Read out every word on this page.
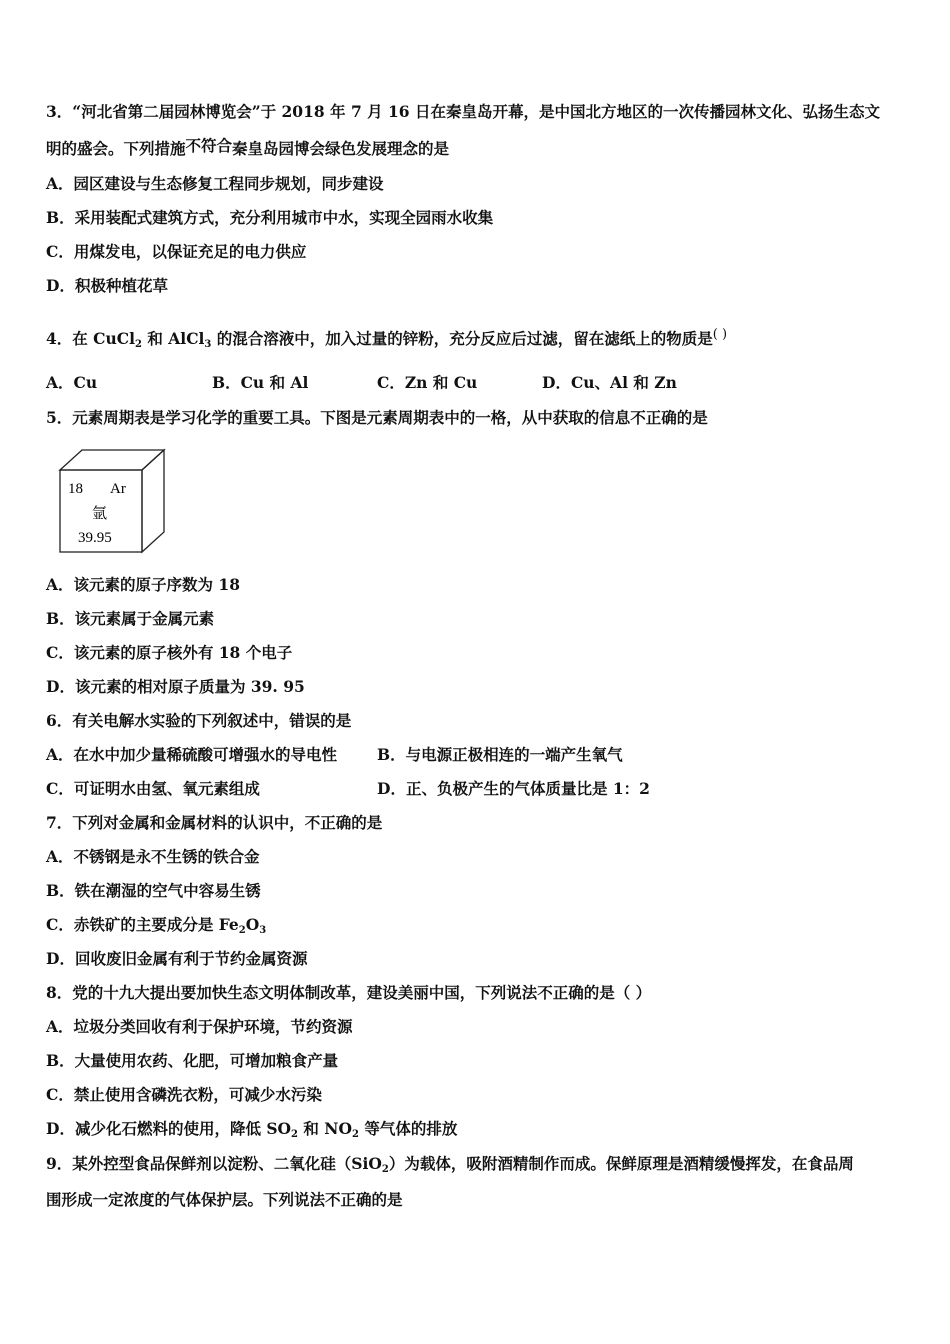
3．“河北省第二届园林博览会”于 2018 年 7 月 16 日在秦皇岛开幕，是中国北方地区的一次传播园林文化、弘扬生态文
明的盛会。下列措施不符合秦皇岛园博会绿色发展理念的是
A．园区建设与生态修复工程同步规划，同步建设
B．采用装配式建筑方式，充分利用城市中水，实现全园雨水收集
C．用煤发电，以保证充足的电力供应
D．积极种植花草
4．在 CuCl$_2$ 和 AlCl$_3$ 的混合溶液中，加入过量的锌粉，充分反应后过滤，留在滤纸上的物质是( )
A．Cu	B．Cu 和 Al	C．Zn 和 Cu	D．Cu、Al 和 Zn
5．元素周期表是学习化学的重要工具。下图是元素周期表中的一格，从中获取的信息不正确的是
18 Ar
氩
39.95
A．该元素的原子序数为 18
B．该元素属于金属元素
C．该元素的原子核外有 18 个电子
D．该元素的相对原子质量为 39. 95
6．有关电解水实验的下列叙述中，错误的是
A．在水中加少量稀硫酸可增强水的导电性	B．与电源正极相连的一端产生氧气
C．可证明水由氢、氧元素组成	D．正、负极产生的气体质量比是 1：2
7．下列对金属和金属材料的认识中，不正确的是
A．不锈钢是永不生锈的铁合金
B．铁在潮湿的空气中容易生锈
C．赤铁矿的主要成分是 $Fe_2O_3$
D．回收废旧金属有利于节约金属资源
8．党的十九大提出要加快生态文明体制改革，建设美丽中国，下列说法不正确的是（ ）
A．垃圾分类回收有利于保护环境，节约资源
B．大量使用农药、化肥，可增加粮食产量
C．禁止使用含磷洗衣粉，可减少水污染
D．减少化石燃料的使用，降低 $SO_2$ 和 $NO_2$ 等气体的排放
9．某外控型食品保鲜剂以淀粉、二氧化硅（SiO$_2$）为载体，吸附酒精制作而成。保鲜原理是酒精缓慢挥发，在食品周
围形成一定浓度的气体保护层。下列说法不正确的是
